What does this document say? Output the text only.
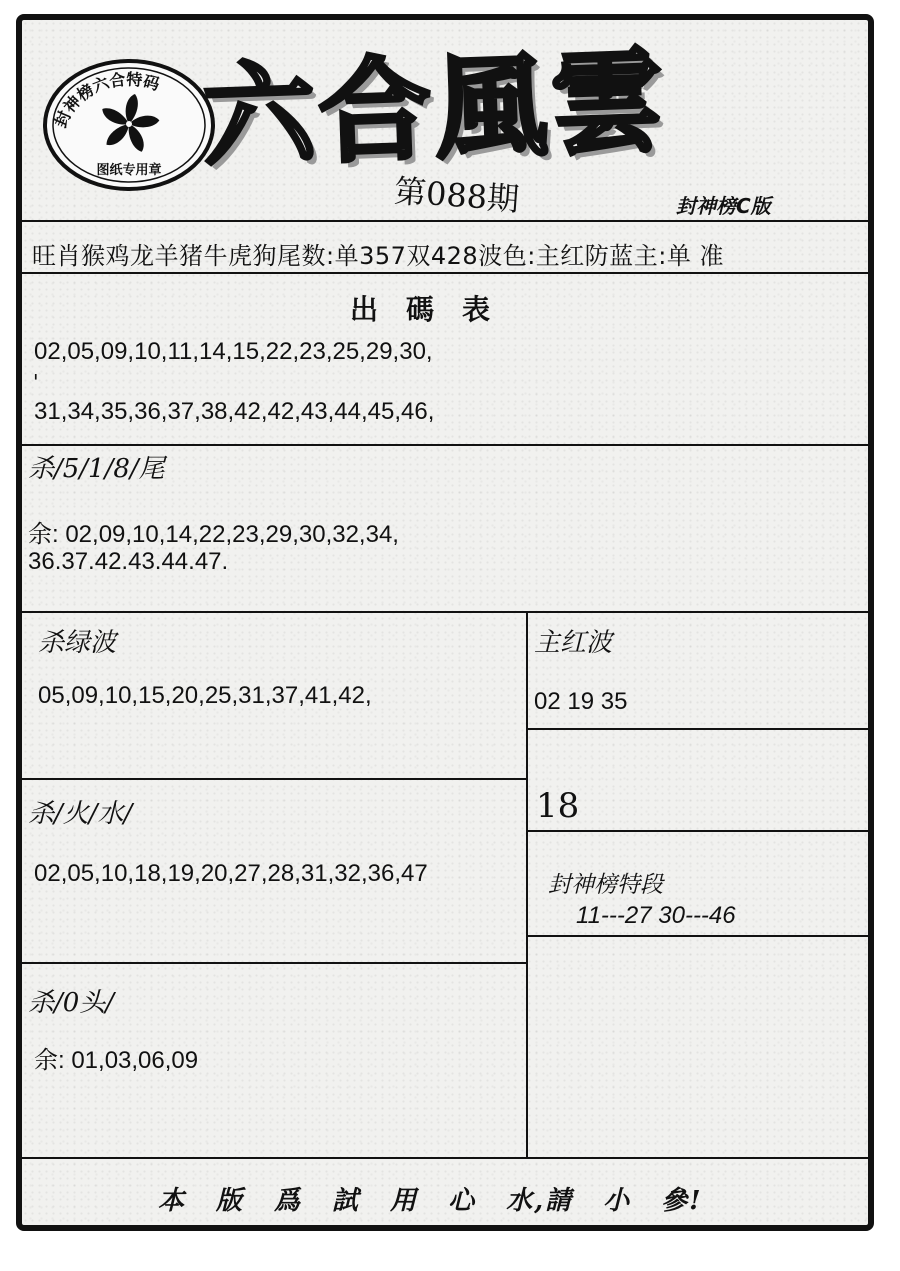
封神榜六合特码
图纸专用章 六合風雲
第088期	封神榜C版
旺肖猴鸡龙羊猪牛虎狗尾数:单357双428波色:主红防蓝主:单 准
出碼表
02,05,09,10,11,14,15,22,23,25,29,30,
'
31,34,35,36,37,38,42,42,43,44,45,46,
杀/5/1/8/尾
余: 02,09,10,14,22,23,29,30,32,34,
36.37.42.43.44.47.
杀绿波
05,09,10,15,20,25,31,37,41,42,
主红波
02 19 35
18
杀/火/水/
02,05,10,18,19,20,27,28,31,32,36,47	封神榜特段
11---27 30---46
杀/0头/
余: 01,03,06,09
本 版 爲 試 用 心 水,請 小 參!
